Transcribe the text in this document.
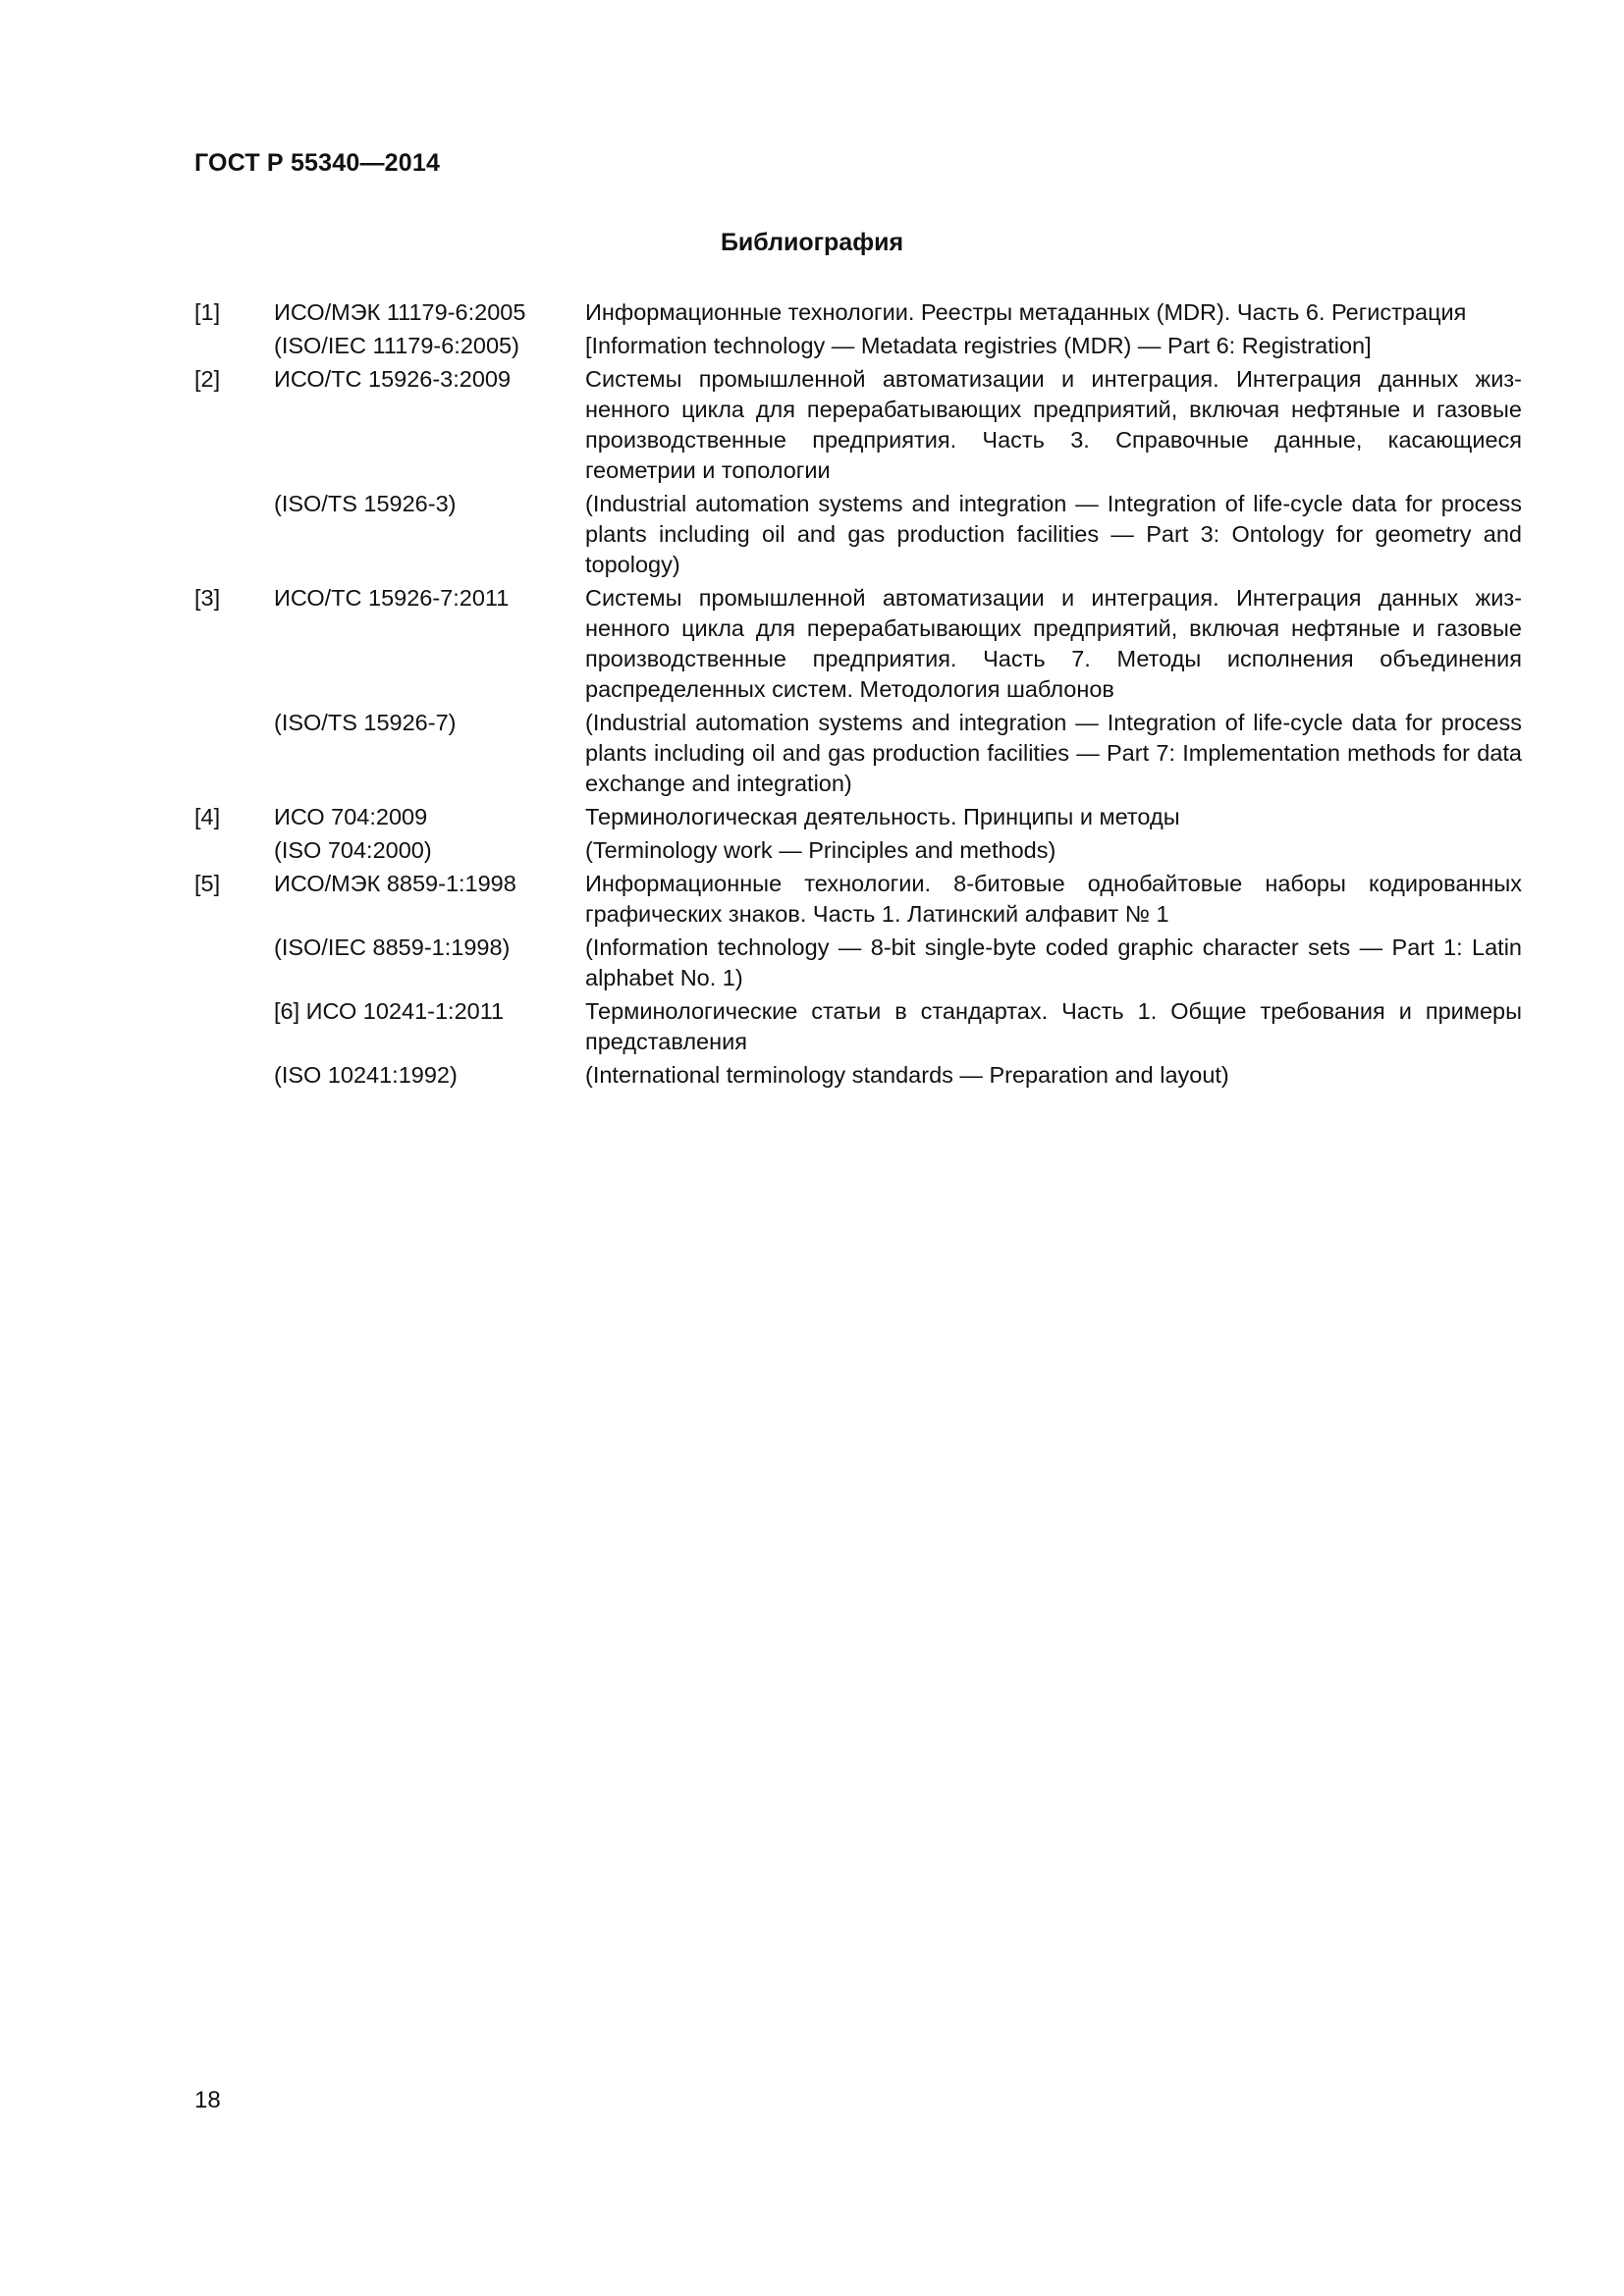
ГОСТ Р 55340—2014
Библиография
[1]	ИСО/МЭК 11179-6:2005	Информационные технологии. Реестры метаданных (MDR). Часть 6. Регистрация
(ISO/IEC 11179-6:2005)	[Information technology — Metadata registries (MDR) — Part 6: Registration]
[2]	ИСО/ТС 15926-3:2009	Системы промышленной автоматизации и интеграция. Интеграция данных жизненного цикла для перерабатывающих предприятий, включая нефтяные и газовые производственные предприятия. Часть 3. Справочные данные, касающиеся геометрии и топологии
(ISO/TS 15926-3)	(Industrial automation systems and integration — Integration of life-cycle data for process plants including oil and gas production facilities — Part 3: Ontology for geometry and topology)
[3]	ИСО/ТС 15926-7:2011	Системы промышленной автоматизации и интеграция. Интеграция данных жизненного цикла для перерабатывающих предприятий, включая нефтяные и газовые производственные предприятия. Часть 7. Методы исполнения объединения распределенных систем. Методология шаблонов
(ISO/TS 15926-7)	(Industrial automation systems and integration — Integration of life-cycle data for process plants including oil and gas production facilities — Part 7: Implementation methods for data exchange and integration)
[4]	ИСО 704:2009	Терминологическая деятельность. Принципы и методы
(ISO 704:2000)	(Terminology work — Principles and methods)
[5]	ИСО/МЭК 8859-1:1998	Информационные технологии. 8-битовые однобайтовые наборы кодированных графических знаков. Часть 1. Латинский алфавит № 1
(ISO/IEC 8859-1:1998)	(Information technology — 8-bit single-byte coded graphic character sets — Part 1: Latin alphabet No. 1)
[6] ИСО 10241-1:2011	Терминологические статьи в стандартах. Часть 1. Общие требования и примеры представления
(ISO 10241:1992)	(International terminology standards — Preparation and layout)
18
